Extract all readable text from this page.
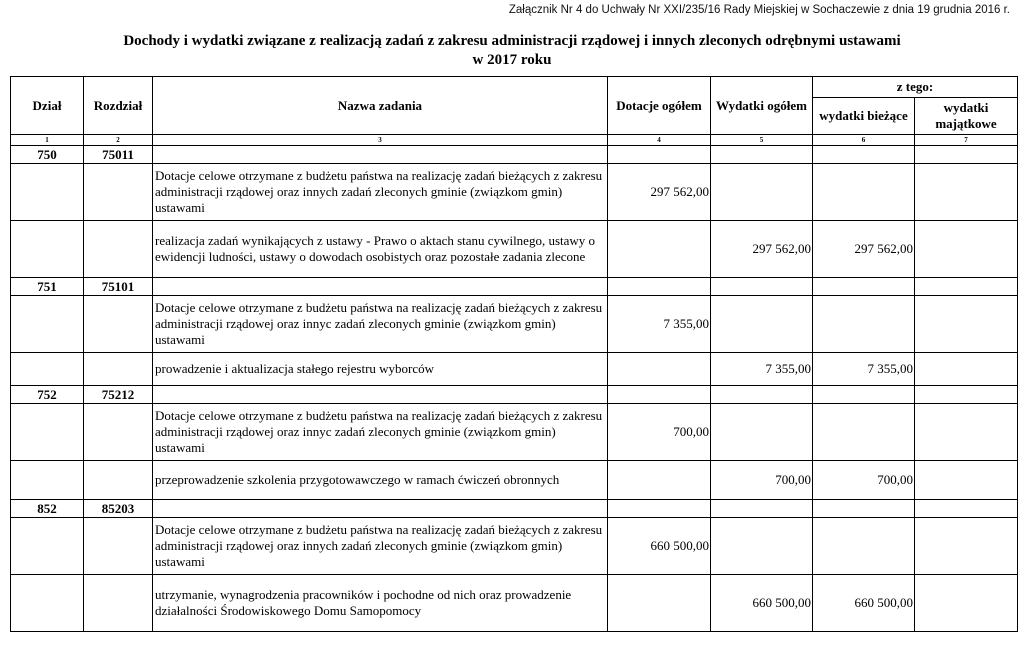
Załącznik Nr 4 do Uchwały Nr XXI/235/16 Rady Miejskiej w Sochaczewie z dnia 19 grudnia 2016 r.
Dochody i wydatki związane z realizacją zadań z zakresu administracji rządowej i innych zleconych odrębnymi ustawami
w 2017 roku
Dział	Rozdział	Nazwa zadania	Dotacje ogółem	Wydatki ogółem	z tego:	
					wydatki bieżące	wydatki majątkowe
1	2	3	4	5	6	7
750	75011					
		Dotacje celowe otrzymane z budżetu państwa na realizację zadań bieżących z zakresu administracji rządowej oraz innych zadań zleconych gminie (związkom gmin) ustawami	297 562,00			
		realizacja zadań wynikających z ustawy - Prawo o aktach stanu cywilnego, ustawy o ewidencji ludności, ustawy o dowodach osobistych oraz pozostałe zadania zlecone		297 562,00	297 562,00	
751	75101					
		Dotacje celowe otrzymane z budżetu państwa na realizację zadań bieżących z zakresu administracji rządowej oraz innyc zadań zleconych gminie (związkom gmin) ustawami	7 355,00			
		prowadzenie i aktualizacja stałego rejestru wyborców		7 355,00	7 355,00	
752	75212					
		Dotacje celowe otrzymane z budżetu państwa na realizację zadań bieżących z zakresu administracji rządowej oraz innyc zadań zleconych gminie (związkom gmin) ustawami	700,00			
		przeprowadzenie szkolenia przygotowawczego w ramach ćwiczeń obronnych		700,00	700,00	
852	85203					
		Dotacje celowe otrzymane z budżetu państwa na realizację zadań bieżących z zakresu administracji rządowej oraz innych zadań zleconych gminie (związkom gmin) ustawami	660 500,00			
		utrzymanie, wynagrodzenia pracowników i pochodne od nich oraz prowadzenie działalności Środowiskowego Domu Samopomocy		660 500,00	660 500,00	
